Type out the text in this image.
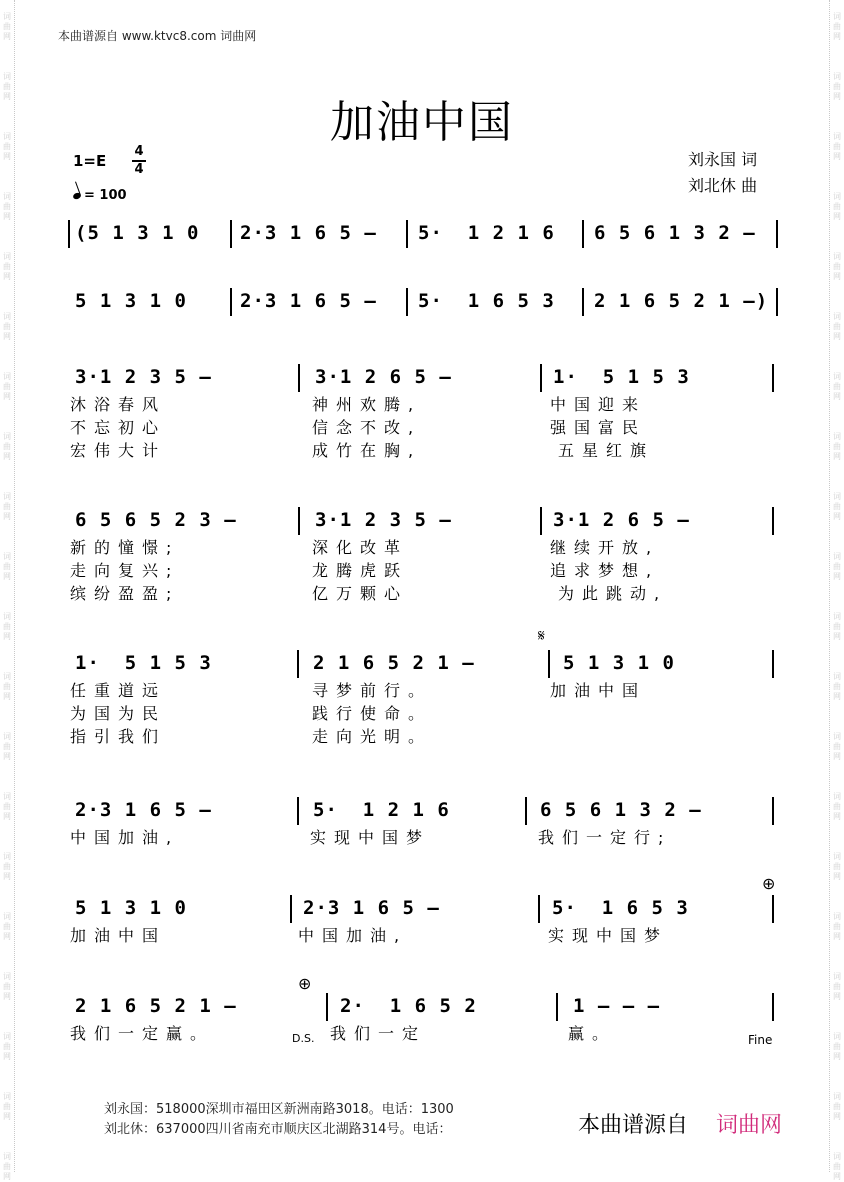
词曲网
词曲网
词曲网
词曲网
词曲网
词曲网
词曲网
词曲网
词曲网
词曲网
词曲网
词曲网
词曲网
词曲网
词曲网
词曲网
词曲网
词曲网
词曲网
词曲网
词曲网
词曲网
词曲网
词曲网
词曲网
词曲网
词曲网
词曲网
词曲网
词曲网
词曲网
词曲网
词曲网
词曲网
词曲网
词曲网
词曲网
词曲网
词曲网
词曲网
本曲谱源自 www.ktvc8.com 词曲网
加油中国
1=E
4
4
= 100
刘永国 词
刘北休 曲
(5 1 3 1 0 2·3 1 6 5 – 5·  1 2 1 6 6 5 6 1 3 2 –
5 1 3 1 0	2·3 1 6 5 – 5·  1 6 5 3 2 1 6 5 2 1 –)
3·1 2 3 5 –	3·1 2 6 5 –	1·  5 1 5 3
沐浴春风	神州欢腾,	中国迎来
不忘初心	信念不改,	强国富民
宏伟大计	成竹在胸,	五星红旗
6 5 6 5 2 3 –	3·1 2 3 5 –	3·1 2 6 5 –
新的憧憬;	深化改革	继续开放,
走向复兴;	龙腾虎跃	追求梦想,
缤纷盈盈;	亿万颗心	为此跳动,
1·  5 1 5 3	2 1 6 5 2 1 –	5 1 3 1 0
任重道远	寻梦前行。	加油中国
为国为民	践行使命。
指引我们	走向光明。
2·3 1 6 5 –	5·  1 2 1 6	6 5 6 1 3 2 –
中国加油,	实现中国梦	我们一定行;
5 1 3 1 0	2·3 1 6 5 –	5·  1 6 5 3
加油中国	中国加油,	实现中国梦
2 1 6 5 2 1 –	2·  1 6 5 2	1 – – –
我们一定赢。	我们一定	赢。
𝄋
⊕
⊕
D.S.	Fine
刘永国：518000深圳市福田区新洲南路3018。电话：1300
刘北休：637000四川省南充市顺庆区北湖路314号。电话：	本曲谱源自 词曲网
